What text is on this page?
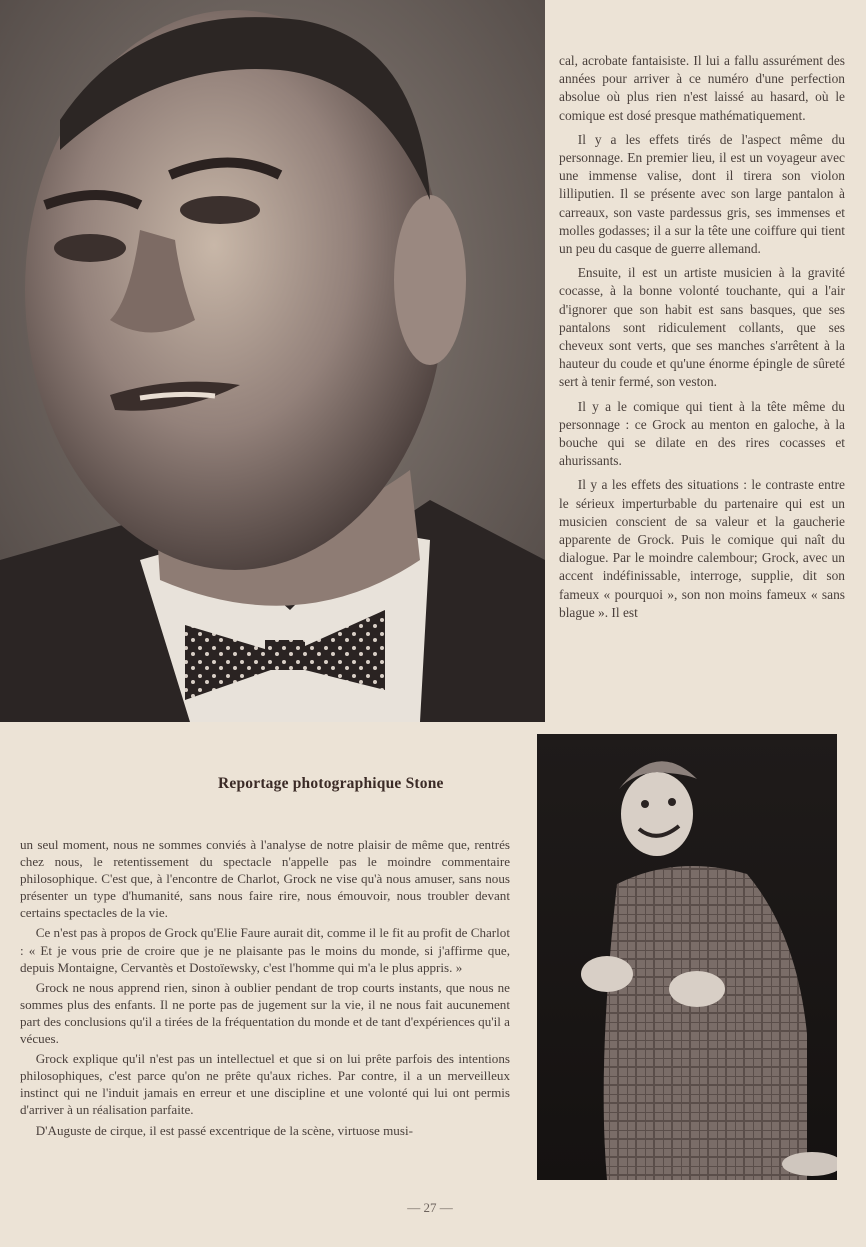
cal, acrobate fantaisiste. Il lui a fallu assurément des années pour arriver à ce numéro d'une perfection absolue où plus rien n'est laissé au hasard, où le comique est dosé presque mathématiquement.

Il y a les effets tirés de l'aspect même du personnage. En premier lieu, il est un voyageur avec une immense valise, dont il tirera son violon lilliputien. Il se présente avec son large pantalon à carreaux, son vaste pardessus gris, ses immenses et molles godasses; il a sur la tête une coiffure qui tient un peu du casque de guerre allemand.

Ensuite, il est un artiste musicien à la gravité cocasse, à la bonne volonté touchante, qui a l'air d'ignorer que son habit est sans basques, que ses pantalons sont ridiculement collants, que ses cheveux sont verts, que ses manches s'arrêtent à la hauteur du coude et qu'une énorme épingle de sûreté sert à tenir fermé, son veston.

Il y a le comique qui tient à la tête même du personnage : ce Grock au menton en galoche, à la bouche qui se dilate en des rires cocasses et ahurissants.

Il y a les effets des situations : le contraste entre le sérieux imperturbable du partenaire qui est un musicien conscient de sa valeur et la gaucherie apparente de Grock. Puis le comique qui naît du dialogue. Par le moindre calembour; Grock, avec un accent indéfinissable, interroge, supplie, dit son fameux « pourquoi », son non moins fameux « sans blague ». Il est

Reportage photographique Stone

un seul moment, nous ne sommes conviés à l'analyse de notre plaisir de même que, rentrés chez nous, le retentissement du spectacle n'appelle pas le moindre commentaire philosophique. C'est que, à l'encontre de Charlot, Grock ne vise qu'à nous amuser, sans nous présenter un type d'humanité, sans nous faire rire, nous émouvoir, nous troubler devant certains spectacles de la vie.

Ce n'est pas à propos de Grock qu'Elie Faure aurait dit, comme il le fit au profit de Charlot : « Et je vous prie de croire que je ne plaisante pas le moins du monde, si j'affirme que, depuis Montaigne, Cervantès et Dostoïewsky, c'est l'homme qui m'a le plus appris. »

Grock ne nous apprend rien, sinon à oublier pendant de trop courts instants, que nous ne sommes plus des enfants. Il ne porte pas de jugement sur la vie, il ne nous fait aucunement part des conclusions qu'il a tirées de la fréquentation du monde et de tant d'expériences qu'il a vécues.

Grock explique qu'il n'est pas un intellectuel et que si on lui prête parfois des intentions philosophiques, c'est parce qu'on ne prête qu'aux riches. Par contre, il a un merveilleux instinct qui ne l'induit jamais en erreur et une discipline et une volonté qui lui ont permis d'arriver à un réalisation parfaite.

D'Auguste de cirque, il est passé excentrique de la scène, virtuose musi-

— 27 —
